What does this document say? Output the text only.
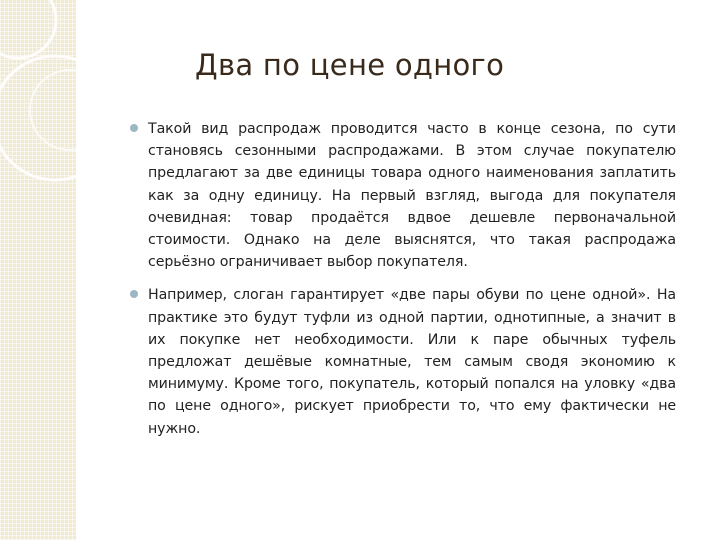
Два по цене одного
Такой вид распродаж проводится часто в конце сезона, по сути становясь сезонными распродажами. В этом случае покупателю предлагают за две единицы товара одного наименования заплатить как за одну единицу. На первый взгляд, выгода для покупателя очевидная: товар продаётся вдвое дешевле первоначальной стоимости. Однако на деле выяснятся, что такая распродажа серьёзно ограничивает выбор покупателя.
Например, слоган гарантирует «две пары обуви по цене одной». На практике это будут туфли из одной партии, однотипные, а значит в их покупке нет необходимости. Или к паре обычных туфель предложат дешёвые комнатные, тем самым сводя экономию к минимуму. Кроме того, покупатель, который попался на уловку «два по цене одного», рискует приобрести то, что ему фактически не нужно.
